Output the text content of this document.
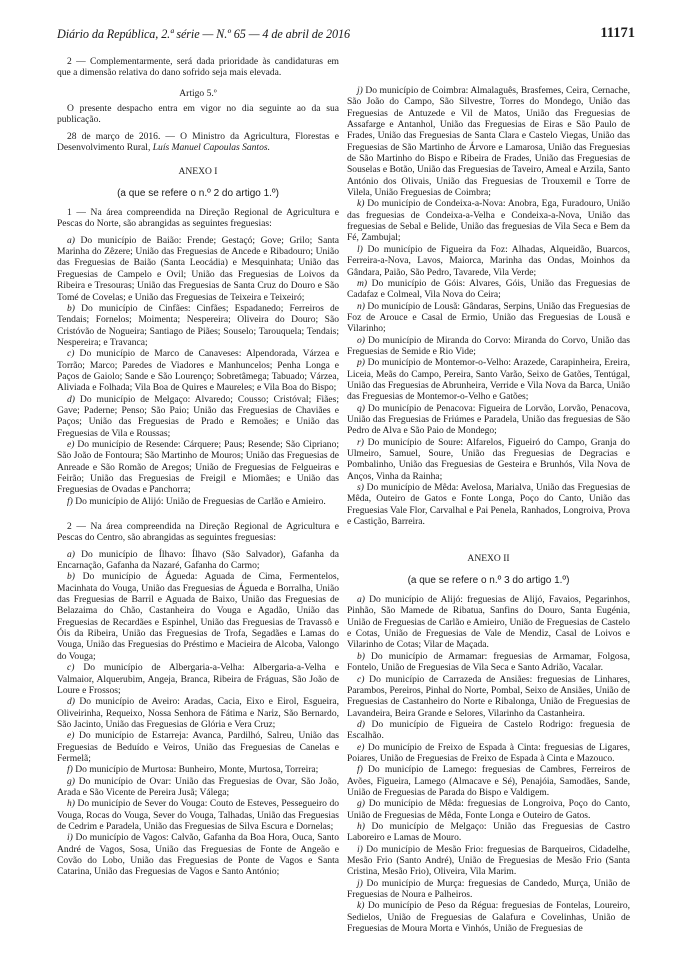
Diário da República, 2.ª série — N.º 65 — 4 de abril de 2016	11171

2 — Complementarmente, será dada prioridade às candidaturas em que a dimensão relativa do dano sofrido seja mais elevada.

Artigo 5.º

O presente despacho entra em vigor no dia seguinte ao da sua publicação.

28 de março de 2016. — O Ministro da Agricultura, Florestas e Desenvolvimento Rural, Luís Manuel Capoulas Santos.

ANEXO I

(a que se refere o n.º 2 do artigo 1.º)

1 — Na área compreendida na Direção Regional de Agricultura e Pescas do Norte, são abrangidas as seguintes freguesias:

a) Do município de Baião: Frende; Gestaçó; Gove; Grilo; Santa Marinha do Zêzere; União das Freguesias de Ancede e Ribadouro; União das Freguesias de Baião (Santa Leocádia) e Mesquinhata; União das Freguesias de Campelo e Ovil; União das Freguesias de Loivos da Ribeira e Tresouras; União das Freguesias de Santa Cruz do Douro e São Tomé de Covelas; e União das Freguesias de Teixeira e Teixeiró;

b) Do município de Cinfães: Cinfães; Espadanedo; Ferreiros de Tendais; Fornelos; Moimenta; Nespereira; Oliveira do Douro; São Cristóvão de Nogueira; Santiago de Piães; Souselo; Tarouquela; Tendais; Nespereira; e Travanca;

c) Do município de Marco de Canaveses: Alpendorada, Várzea e Torrão; Marco; Paredes de Viadores e Manhuncelos; Penha Longa e Paços de Gaiolo; Sande e São Lourenço; Sobretâmega; Tabuado; Várzea, Aliviada e Folhada; Vila Boa de Quires e Maureles; e Vila Boa do Bispo;

d) Do município de Melgaço: Alvaredo; Cousso; Cristóval; Fiães; Gave; Paderne; Penso; São Paio; União das Freguesias de Chaviães e Paços; União das Freguesias de Prado e Remoães; e União das Freguesias de Vila e Roussas;

e) Do município de Resende: Cárquere; Paus; Resende; São Cipriano; São João de Fontoura; São Martinho de Mouros; União das Freguesias de Anreade e São Romão de Aregos; União de Freguesias de Felgueiras e Feirão; União das Freguesias de Freigil e Miomães; e União das Freguesias de Ovadas e Panchorra;

f) Do município de Alijó: União de Freguesias de Carlão e Amieiro.

2 — Na área compreendida na Direção Regional de Agricultura e Pescas do Centro, são abrangidas as seguintes freguesias:

a) Do município de Ílhavo: Ílhavo (São Salvador), Gafanha da Encarnação, Gafanha da Nazaré, Gafanha do Carmo;

b) Do município de Águeda: Aguada de Cima, Fermentelos, Macinhata do Vouga, União das Freguesias de Águeda e Borralha, União das Freguesias de Barril e Aguada de Baixo, União das Freguesias de Belazaima do Chão, Castanheira do Vouga e Agadão, União das Freguesias de Recardães e Espinhel, União das Freguesias de Travassô e Óis da Ribeira, União das Freguesias de Trofa, Segadães e Lamas do Vouga, União das Freguesias do Préstimo e Macieira de Alcoba, Valongo do Vouga;

c) Do município de Albergaria-a-Velha: Albergaria-a-Velha e Valmaior, Alquerubim, Angeja, Branca, Ribeira de Fráguas, São João de Loure e Frossos;

d) Do município de Aveiro: Aradas, Cacia, Eixo e Eirol, Esgueira, Oliveirinha, Requeixo, Nossa Senhora de Fátima e Nariz, São Bernardo, São Jacinto, União das Freguesias de Glória e Vera Cruz;

e) Do município de Estarreja: Avanca, Pardilhó, Salreu, União das Freguesias de Beduído e Veiros, União das Freguesias de Canelas e Fermelã;

f) Do município de Murtosa: Bunheiro, Monte, Murtosa, Torreira;

g) Do município de Ovar: União das Freguesias de Ovar, São João, Arada e São Vicente de Pereira Jusã; Válega;

h) Do município de Sever do Vouga: Couto de Esteves, Pessegueiro do Vouga, Rocas do Vouga, Sever do Vouga, Talhadas, União das Freguesias de Cedrim e Paradela, União das Freguesias de Silva Escura e Dornelas;

i) Do município de Vagos: Calvão, Gafanha da Boa Hora, Ouca, Santo André de Vagos, Sosa, União das Freguesias de Fonte de Angeão e Covão do Lobo, União das Freguesias de Ponte de Vagos e Santa Catarina, União das Freguesias de Vagos e Santo António;

j) Do município de Coimbra: Almalaguês, Brasfemes, Ceira, Cernache, São João do Campo, São Silvestre, Torres do Mondego, União das Freguesias de Antuzede e Vil de Matos, União das Freguesias de Assafarge e Antanhol, União das Freguesias de Eiras e São Paulo de Frades, União das Freguesias de Santa Clara e Castelo Viegas, União das Freguesias de São Martinho de Árvore e Lamarosa, União das Freguesias de São Martinho do Bispo e Ribeira de Frades, União das Freguesias de Souselas e Botão, União das Freguesias de Taveiro, Ameal e Arzila, Santo António dos Olivais, União das Freguesias de Trouxemil e Torre de Vilela, União Freguesias de Coimbra;

k) Do município de Condeixa-a-Nova: Anobra, Ega, Furadouro, União das freguesias de Condeixa-a-Velha e Condeixa-a-Nova, União das freguesias de Sebal e Belide, União das freguesias de Vila Seca e Bem da Fé, Zambujal;

l) Do município de Figueira da Foz: Alhadas, Alqueidão, Buarcos, Ferreira-a-Nova, Lavos, Maiorca, Marinha das Ondas, Moinhos da Gândara, Paião, São Pedro, Tavarede, Vila Verde;

m) Do município de Góis: Alvares, Góis, União das Freguesias de Cadafaz e Colmeal, Vila Nova do Ceira;

n) Do município de Lousã: Gândaras, Serpins, União das Freguesias de Foz de Arouce e Casal de Ermio, União das Freguesias de Lousã e Vilarinho;

o) Do município de Miranda do Corvo: Miranda do Corvo, União das Freguesias de Semide e Rio Vide;

p) Do município de Montemor-o-Velho: Arazede, Carapinheira, Ereira, Liceia, Meãs do Campo, Pereira, Santo Varão, Seixo de Gatões, Tentúgal, União das Freguesias de Abrunheira, Verride e Vila Nova da Barca, União das Freguesias de Montemor-o-Velho e Gatões;

q) Do município de Penacova: Figueira de Lorvão, Lorvão, Penacova, União das Freguesias de Friúmes e Paradela, União das freguesias de São Pedro de Alva e São Paio de Mondego;

r) Do município de Soure: Alfarelos, Figueiró do Campo, Granja do Ulmeiro, Samuel, Soure, União das Freguesias de Degracias e Pombalinho, União das Freguesias de Gesteira e Brunhós, Vila Nova de Anços, Vinha da Rainha;

s) Do município de Mêda: Avelosa, Marialva, União das Freguesias de Mêda, Outeiro de Gatos e Fonte Longa, Poço do Canto, União das Freguesias Vale Flor, Carvalhal e Pai Penela, Ranhados, Longroiva, Prova e Castição, Barreira.

ANEXO II

(a que se refere o n.º 3 do artigo 1.º)

a) Do município de Alijó: freguesias de Alijó, Favaios, Pegarinhos, Pinhão, São Mamede de Ribatua, Sanfins do Douro, Santa Eugénia, União de Freguesias de Carlão e Amieiro, União de Freguesias de Castelo e Cotas, União de Freguesias de Vale de Mendiz, Casal de Loivos e Vilarinho de Cotas; Vilar de Maçada.

b) Do município de Armamar: freguesias de Armamar, Folgosa, Fontelo, União de Freguesias de Vila Seca e Santo Adrião, Vacalar.

c) Do município de Carrazeda de Ansiães: freguesias de Linhares, Parambos, Pereiros, Pinhal do Norte, Pombal, Seixo de Ansiães, União de Freguesias de Castanheiro do Norte e Ribalonga, União de Freguesias de Lavandeira, Beira Grande e Selores, Vilarinho da Castanheira.

d) Do município de Figueira de Castelo Rodrigo: freguesia de Escalhão.

e) Do município de Freixo de Espada à Cinta: freguesias de Ligares, Poiares, União de Freguesias de Freixo de Espada à Cinta e Mazouco.

f) Do município de Lamego: freguesias de Cambres, Ferreiros de Avões, Figueira, Lamego (Almacave e Sé), Penajóia, Samodães, Sande, União de Freguesias de Parada do Bispo e Valdigem.

g) Do município de Mêda: freguesias de Longroiva, Poço do Canto, União de Freguesias de Mêda, Fonte Longa e Outeiro de Gatos.

h) Do município de Melgaço: União das Freguesias de Castro Laboreiro e Lamas de Mouro.

i) Do município de Mesão Frio: freguesias de Barqueiros, Cidadelhe, Mesão Frio (Santo André), União de Freguesias de Mesão Frio (Santa Cristina, Mesão Frio), Oliveira, Vila Marim.

j) Do município de Murça: freguesias de Candedo, Murça, União de Freguesias de Noura e Palheiros.

k) Do município de Peso da Régua: freguesias de Fontelas, Loureiro, Sedielos, União de Freguesias de Galafura e Covelinhas, União de Freguesias de Moura Morta e Vinhós, União de Freguesias de
